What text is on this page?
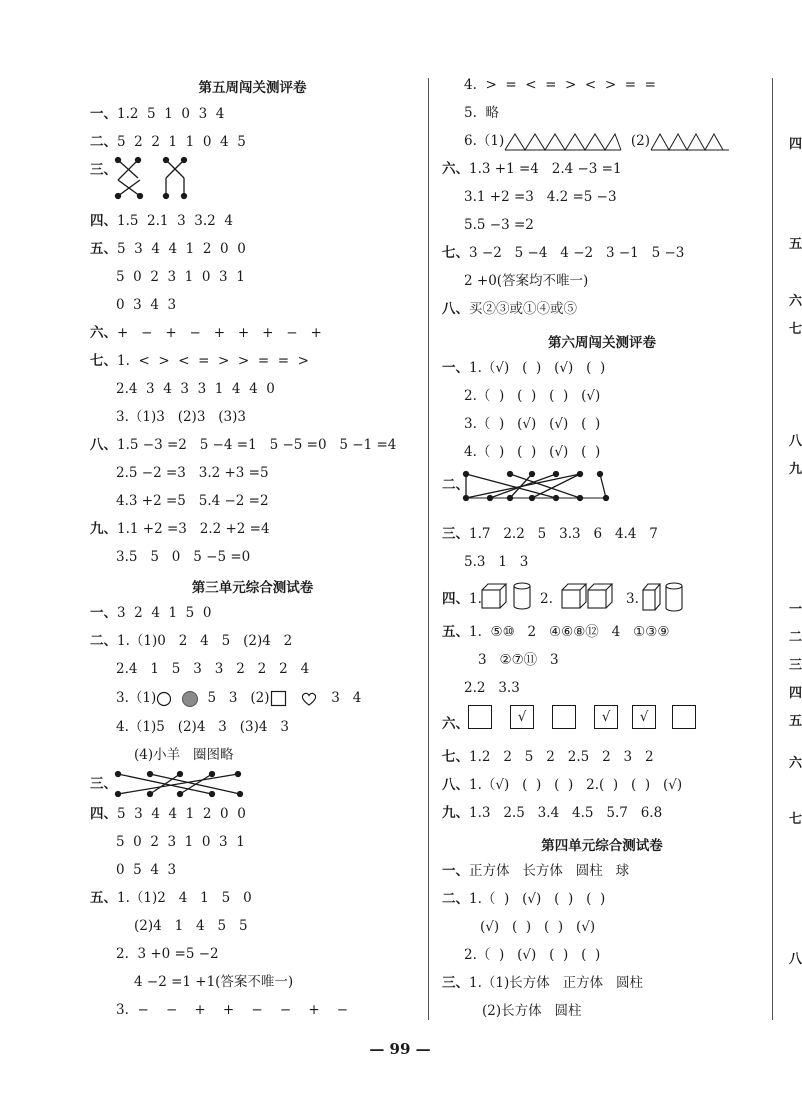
第五周闯关测评卷
一、1.2  5  1  0  3  4
二、5  2  2  1  1  0  4  5
三、
四、1.5  2.1  3  3.2  4
五、5  3  4  4  1  2  0  0
5  0  2  3  1  0  3  1
0  3  4  3
六、+   −   +   −   +   +   +   −   +
七、1.  <  >  <  =  >  >  =  =  >
2.4  3  4  3  3  1  4  4  0
3.（1)3   (2)3   (3)3
八、1.5 −3 =2   5 −4 =1   5 −5 =0   5 −1 =4
2.5 −2 =3   3.2 +3 =5
4.3 +2 =5   5.4 −2 =2
九、1.1 +2 =3   2.2 +2 =4
3.5   5   0   5 −5 =0
第三单元综合测试卷
一、3  2  4  1  5  0
二、1.（1)0   2   4   5   (2)4   2
2.4   1   5   3   3   2   2   2   4
3.（1)	5   3   (2)	3   4
4.（1)5   (2)4   3   (3)4   3
(4)小羊   圈图略
三、
四、5  3  4  4  1  2  0  0
5  0  2  3  1  0  3  1
0  5  4  3
五、1.（1)2   4   1   5   0
(2)4   1   4   5   5
2.  3 +0 =5 −2
4 −2 =1 +1(答案不唯一)
3.  −    −    +    +    −    −    +    −
4.  >  =  <  =  >  <  >  =  =
5.  略
6.（1)	(2)
六、1.3 +1 =4   2.4 −3 =1
3.1 +2 =3   4.2 =5 −3
5.5 −3 =2
七、3 −2   5 −4   4 −2   3 −1   5 −3
2 +0(答案均不唯一)
八、买②③或①④或⑤
第六周闯关测评卷
一、1.（√)   (  )   (√)   (  )
2.（  )   (  )   (  )   (√)
3.（  )   (√)   (√)   (  )
4.（  )   (  )   (√)   (  )
二、
三、1.7   2.2   5   3.3   6   4.4   7
5.3   1   3
四、1.	2.	3.
五、1.  ⑤⑩   2   ④⑥⑧⑫   4   ①③⑨
3   ②⑦⑪   3
2.2   3.3
六、	√	√	√
七、1.2   2   5   2   2.5   2   3   2
八、1.（√)   (  )   (  )   2.(  )   (  )   (√)
九、1.3   2.5   3.4   4.5   5.7   6.8
第四单元综合测试卷
一、正方体   长方体   圆柱   球
二、1.（  )   (√)   (  )   (  )
(√)   (  )   (  )   (√)
2.（  )   (√)   (  )   (  )
三、1.（1)长方体   正方体   圆柱
(2)长方体   圆柱
四
五
六
七
八
九
一
二
三
四
五
六
七
八
— 99 —
